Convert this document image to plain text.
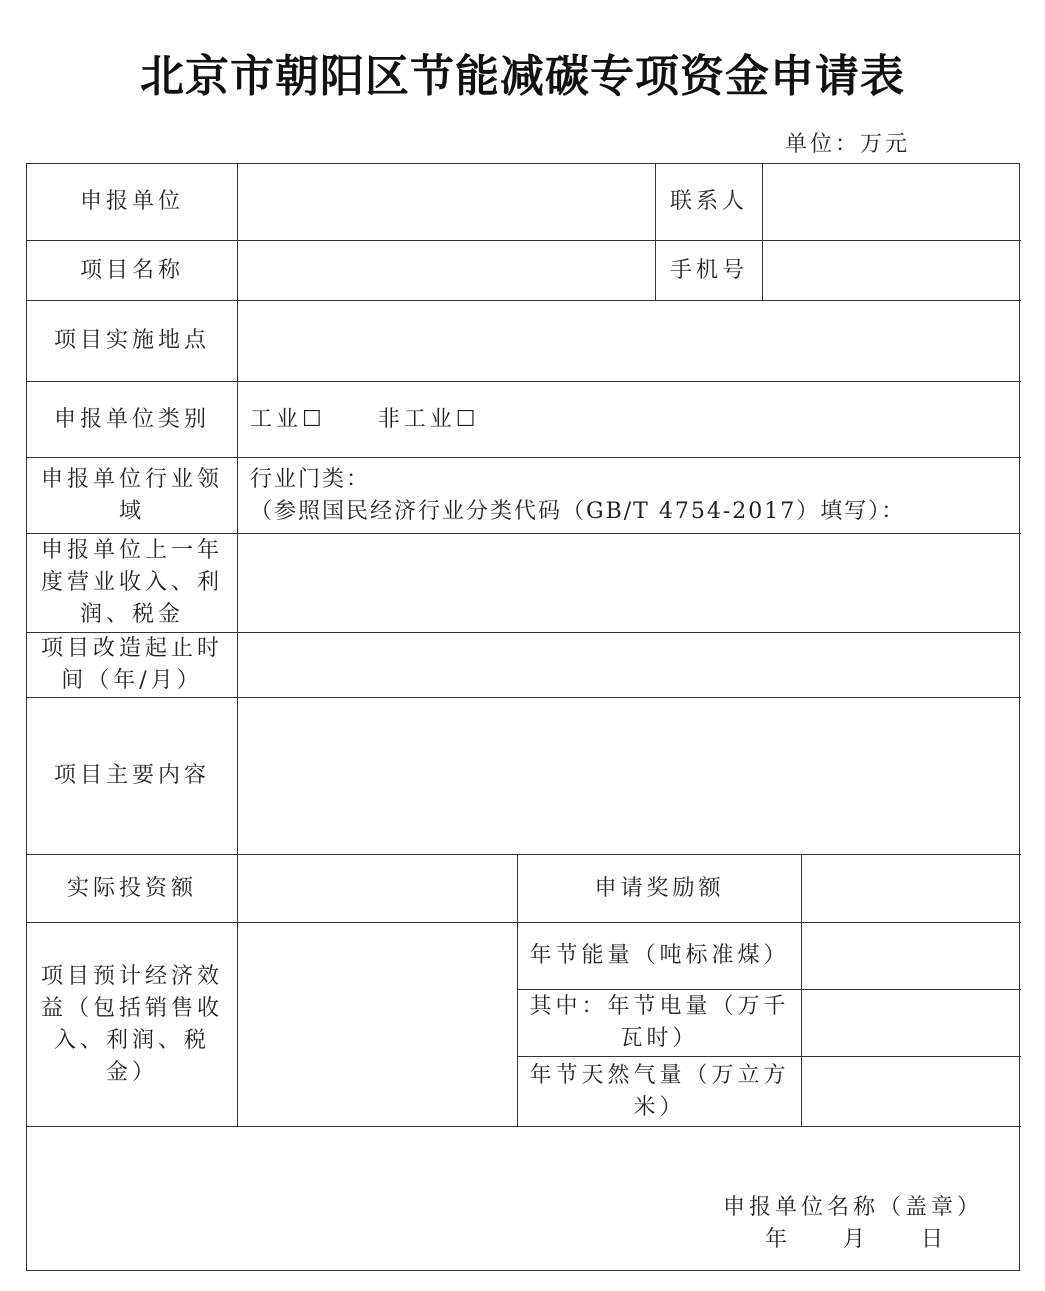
北京市朝阳区节能减碳专项资金申请表
单位：万元
申报单位	联系人
项目名称	手机号
项目实施地点
申报单位类别	工业☐ 非工业☐
申报单位行业领域
行业门类：
（参照国民经济行业分类代码（GB/T 4754-2017）填写）：
申报单位上一年度营业收入、利润、税金
项目改造起止时间（年/月）
项目主要内容
实际投资额	申请奖励额
项目预计经济效益（包括销售收入、利润、税金）
年节能量（吨标准煤）
其中：年节电量（万千瓦时）
年节天然气量（万立方米）
申报单位名称（盖章）
年	月	日
